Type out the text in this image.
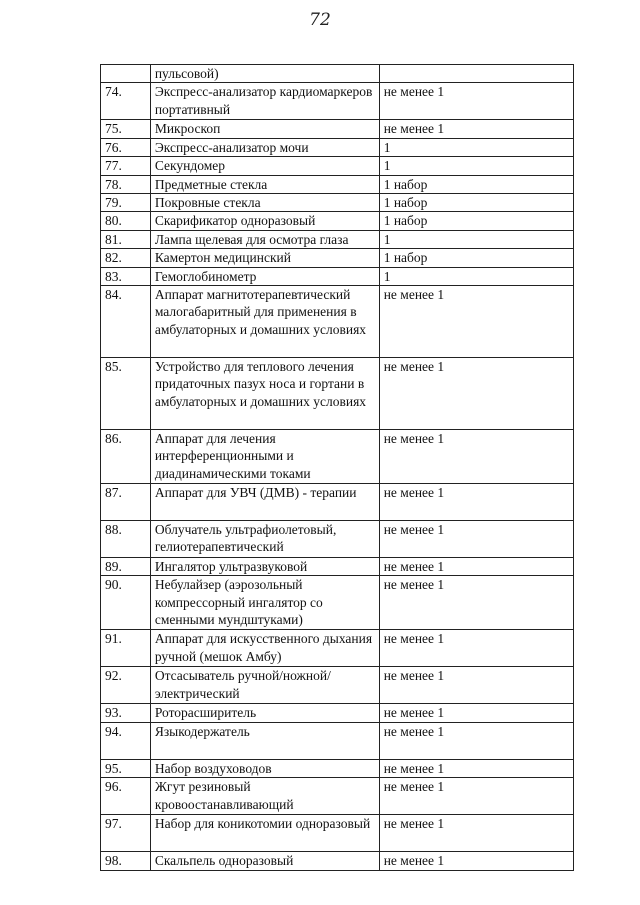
72
	пульсовой)	
74.	Экспресс-анализатор кардиомаркеров портативный	не менее 1
75.	Микроскоп	не менее 1
76.	Экспресс-анализатор мочи	1
77.	Секундомер	1
78.	Предметные стекла	1 набор
79.	Покровные стекла	1 набор
80.	Скарификатор одноразовый	1 набор
81.	Лампа щелевая для осмотра глаза	1
82.	Камертон медицинский	1 набор
83.	Гемоглобинометр	1
84.	Аппарат магнитотерапевтический малогабаритный для применения в амбулаторных и домашних условиях	не менее 1
85.	Устройство для теплового лечения придаточных пазух носа и гортани в амбулаторных и домашних условиях	не менее 1
86.	Аппарат для лечения интерференционными и диадинамическими токами	не менее 1
87.	Аппарат для УВЧ (ДМВ) - терапии	не менее 1
88.	Облучатель ультрафиолетовый, гелиотерапевтический	не менее 1
89.	Ингалятор ультразвуковой	не менее 1
90.	Небулайзер (аэрозольный компрессорный ингалятор со сменными мундштуками)	не менее 1
91.	Аппарат для искусственного дыхания ручной (мешок Амбу)	не менее 1
92.	Отсасыватель ручной/ножной/электрический	не менее 1
93.	Роторасширитель	не менее 1
94.	Языкодержатель	не менее 1
95.	Набор воздуховодов	не менее 1
96.	Жгут резиновый кровоостанавливающий	не менее 1
97.	Набор для коникотомии одноразовый	не менее 1
98.	Скальпель одноразовый	не менее 1
